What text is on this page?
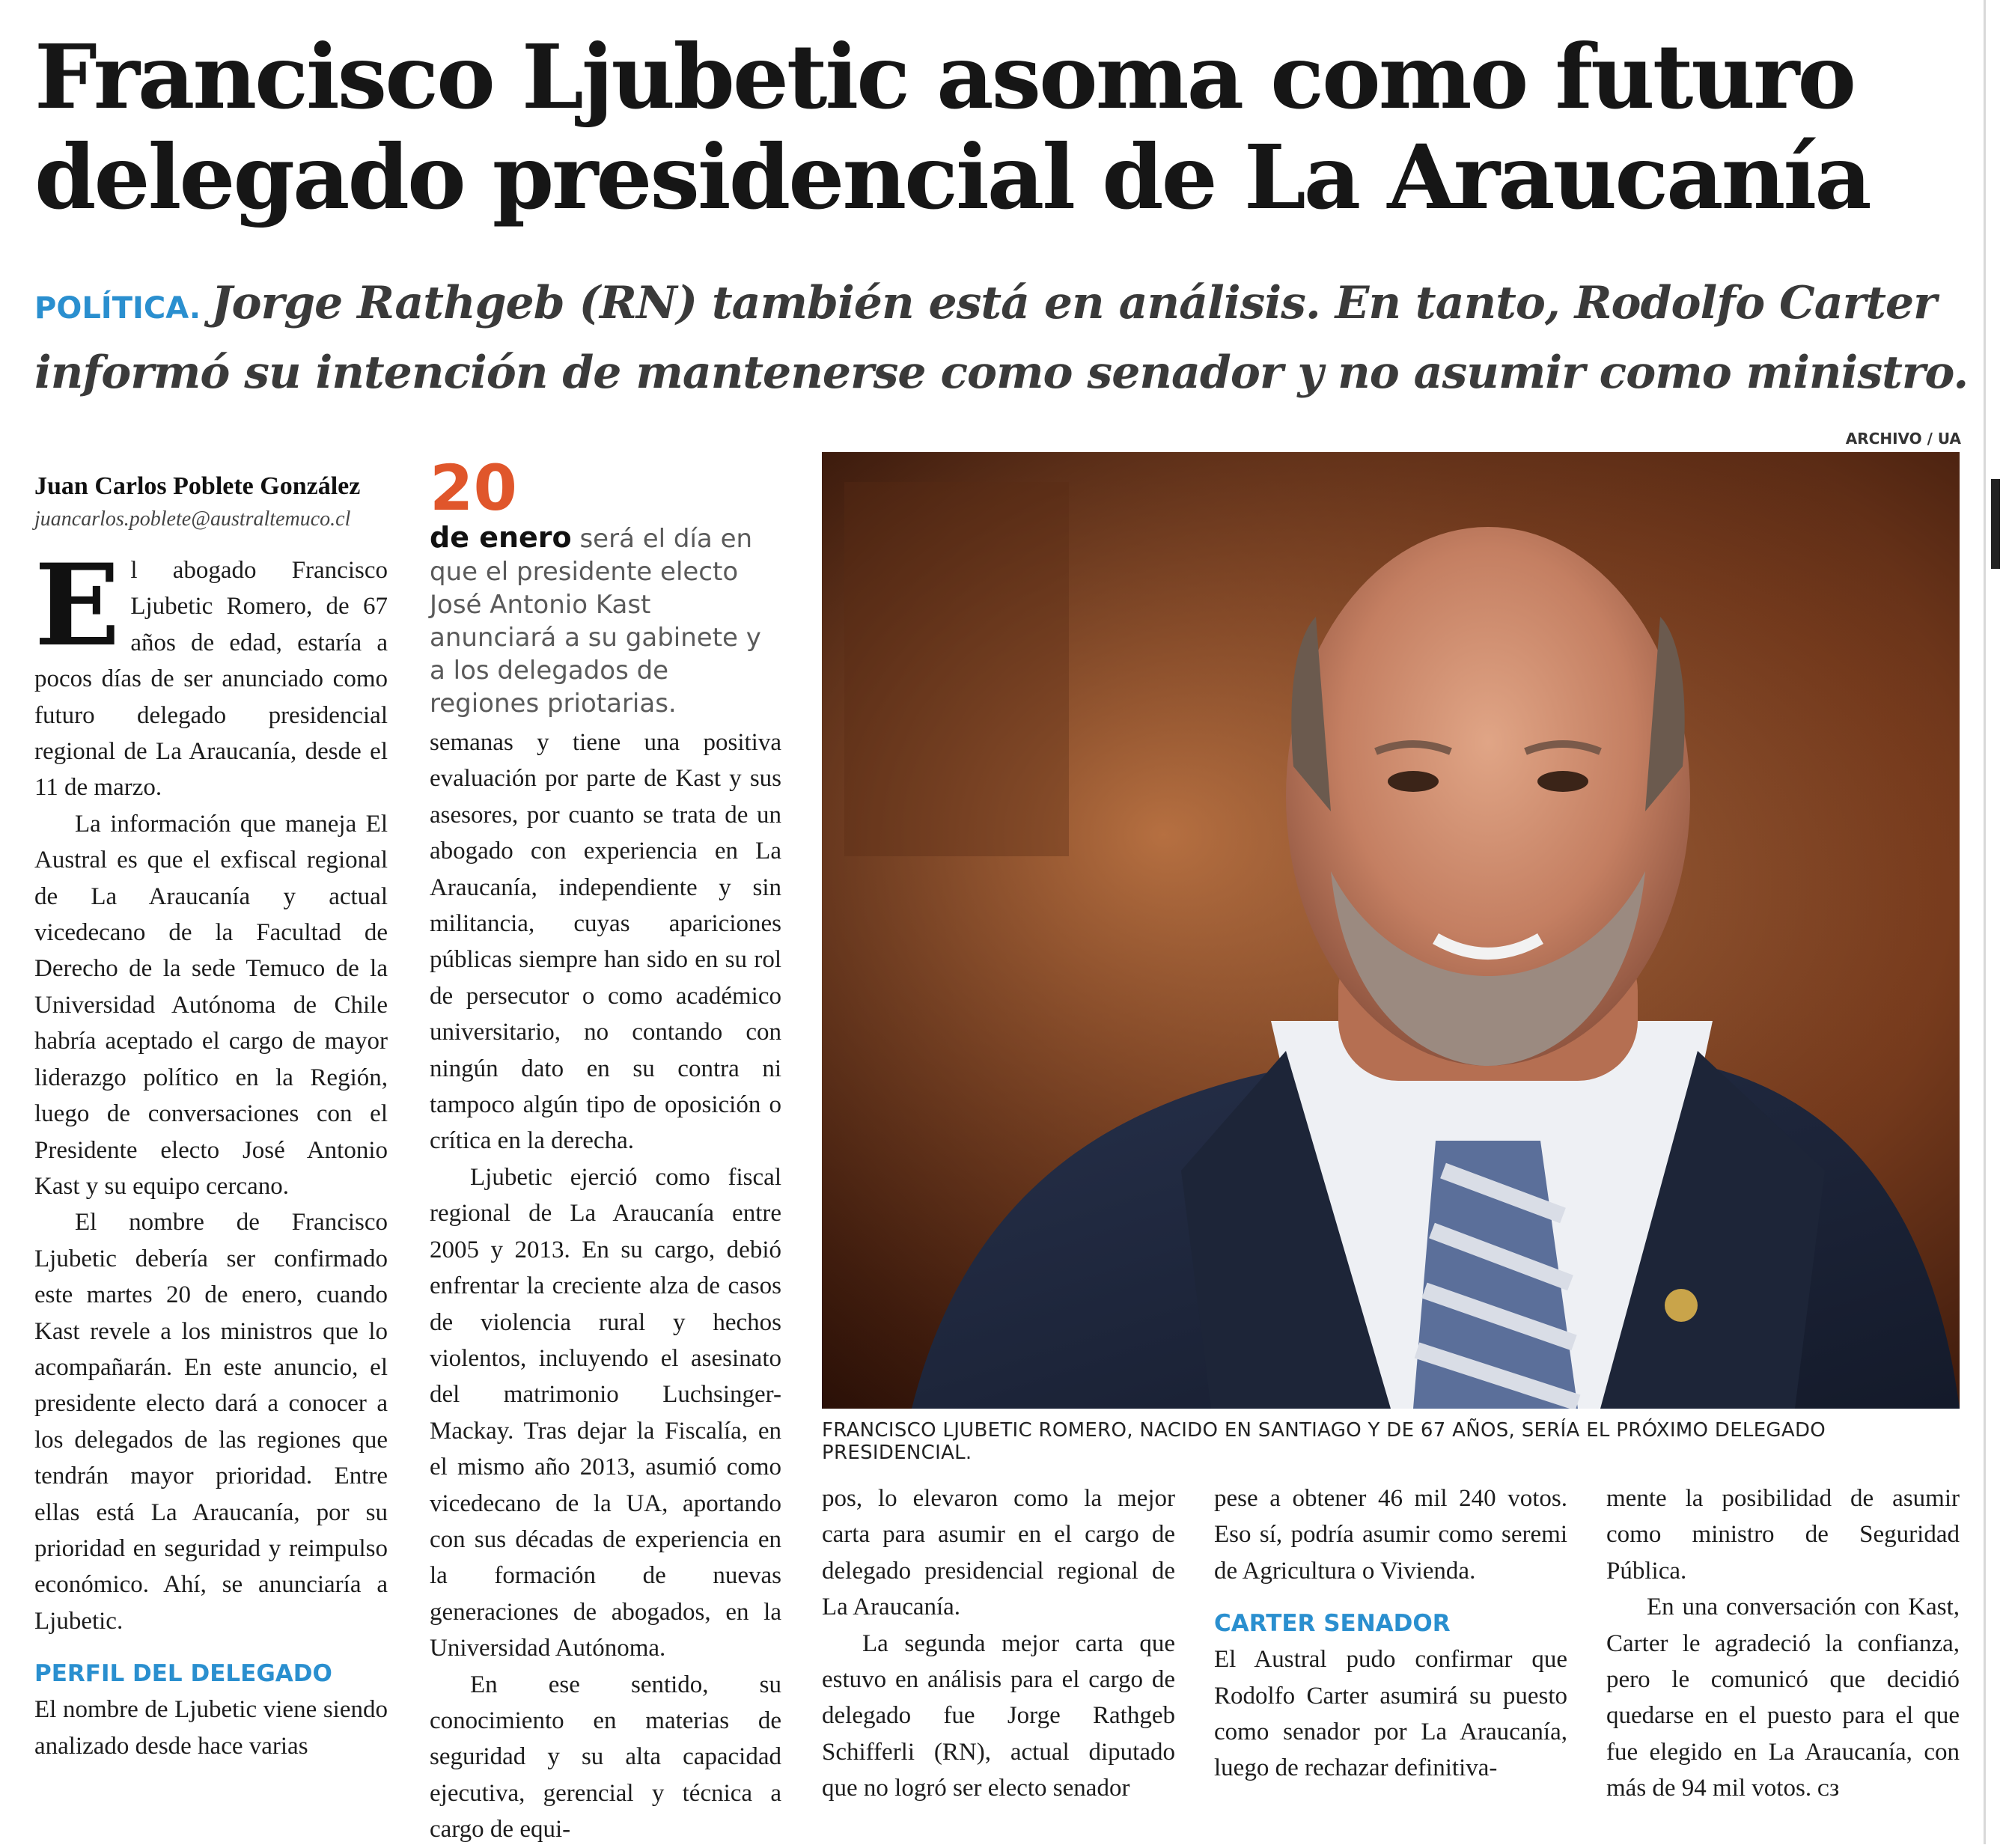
Francisco Ljubetic asoma como futuro
delegado presidencial de La Araucanía
POLÍTICA. Jorge Rathgeb (RN) también está en análisis. En tanto, Rodolfo Carter informó su intención de mantenerse como senador y no asumir como ministro.
Juan Carlos Poblete González
juancarlos.poblete@australtemuco.cl

El abogado Francisco Ljubetic Romero, de 67 años de edad, estaría a pocos días de ser anunciado como futuro delegado presidencial regional de La Araucanía, desde el 11 de marzo.

La información que maneja El Austral es que el exfiscal regional de La Araucanía y actual vicedecano de la Facultad de Derecho de la sede Temuco de la Universidad Autónoma de Chile habría aceptado el cargo de mayor liderazgo político en la Región, luego de conversaciones con el Presidente electo José Antonio Kast y su equipo cercano.

El nombre de Francisco Ljubetic debería ser confirmado este martes 20 de enero, cuando Kast revele a los ministros que lo acompañarán. En este anuncio, el presidente electo dará a conocer a los delegados de las regiones que tendrán mayor prioridad. Entre ellas está La Araucanía, por su prioridad en seguridad y reimpulso económico. Ahí, se anunciaría a Ljubetic.

PERFIL DEL DELEGADO

El nombre de Ljubetic viene siendo analizado desde hace varias

20
de enero será el día en que el presidente electo José Antonio Kast anunciará a su gabinete y a los delegados de regiones priotarias.

semanas y tiene una positiva evaluación por parte de Kast y sus asesores, por cuanto se trata de un abogado con experiencia en La Araucanía, independiente y sin militancia, cuyas apariciones públicas siempre han sido en su rol de persecutor o como académico universitario, no contando con ningún dato en su contra ni tampoco algún tipo de oposición o crítica en la derecha.

Ljubetic ejerció como fiscal regional de La Araucanía entre 2005 y 2013. En su cargo, debió enfrentar la creciente alza de casos de violencia rural y hechos violentos, incluyendo el asesinato del matrimonio Luchsinger-Mackay. Tras dejar la Fiscalía, en el mismo año 2013, asumió como vicedecano de la UA, aportando con sus décadas de experiencia en la formación de nuevas generaciones de abogados, en la Universidad Autónoma.

En ese sentido, su conocimiento en materias de seguridad y su alta capacidad ejecutiva, gerencial y técnica a cargo de equi-

ARCHIVO / UA
FRANCISCO LJUBETIC ROMERO, NACIDO EN SANTIAGO Y DE 67 AÑOS, SERÍA EL PRÓXIMO DELEGADO PRESIDENCIAL.

pos, lo elevaron como la mejor carta para asumir en el cargo de delegado presidencial regional de La Araucanía.

La segunda mejor carta que estuvo en análisis para el cargo de delegado fue Jorge Rathgeb Schifferli (RN), actual diputado que no logró ser electo senador

pese a obtener 46 mil 240 votos. Eso sí, podría asumir como seremi de Agricultura o Vivienda.

CARTER SENADOR

El Austral pudo confirmar que Rodolfo Carter asumirá su puesto como senador por La Araucanía, luego de rechazar definitiva-

mente la posibilidad de asumir como ministro de Seguridad Pública.

En una conversación con Kast, Carter le agradeció la confianza, pero le comunicó que decidió quedarse en el puesto para el que fue elegido en La Araucanía, con más de 94 mil votos. ᴄз
